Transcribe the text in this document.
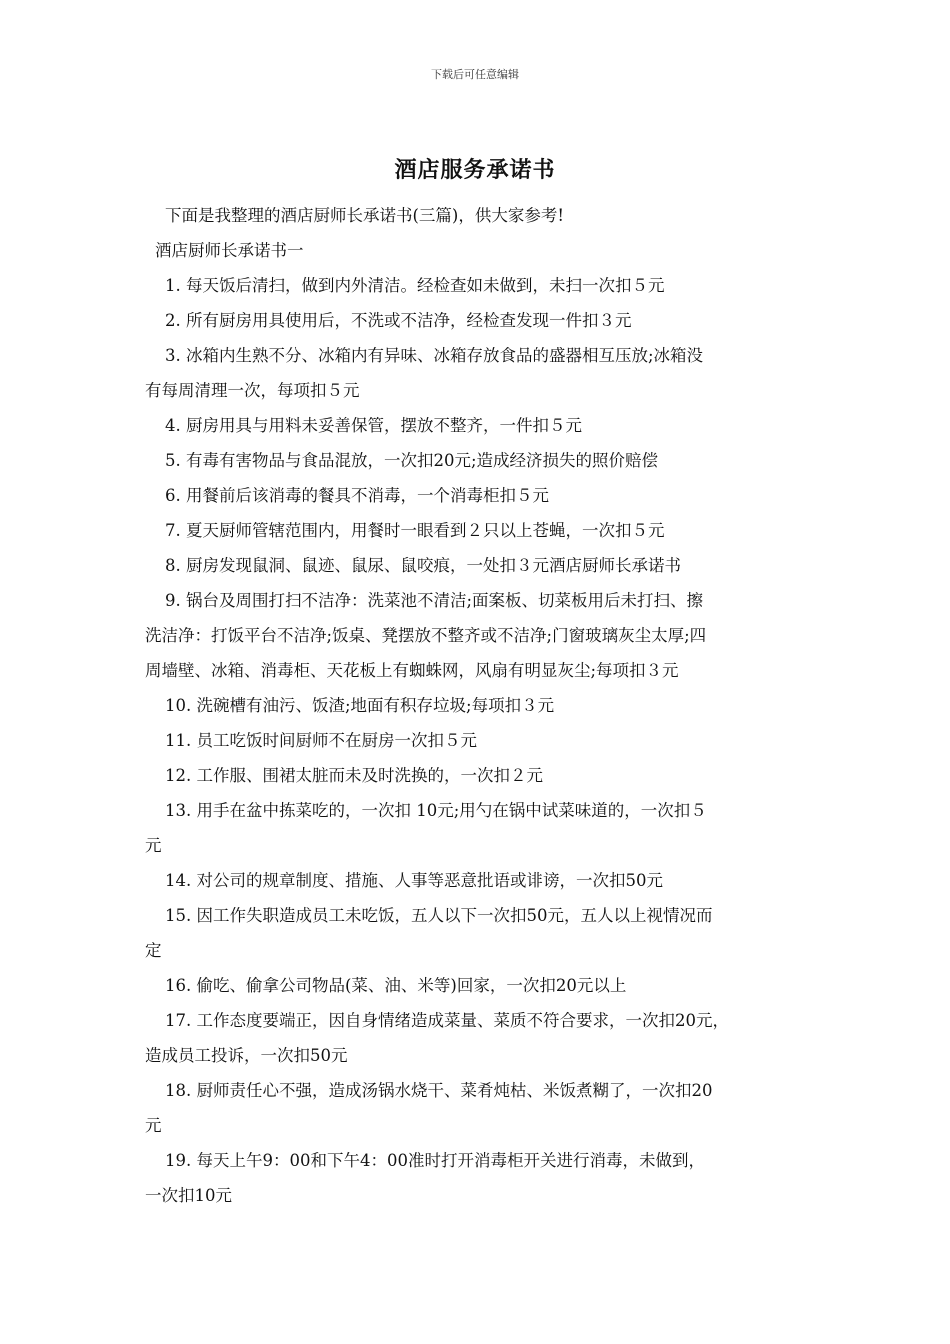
下载后可任意编辑
酒店服务承诺书

下面是我整理的酒店厨师长承诺书(三篇)，供大家参考!

酒店厨师长承诺书一

1. 每天饭后清扫，做到内外清洁。经检查如未做到，未扫一次扣５元

2. 所有厨房用具使用后，不洗或不洁净，经检查发现一件扣３元

3. 冰箱内生熟不分、冰箱内有异味、冰箱存放食品的盛器相互压放;冰箱没

有每周清理一次，每项扣５元

4. 厨房用具与用料未妥善保管，摆放不整齐，一件扣５元

5. 有毒有害物品与食品混放，一次扣20元;造成经济损失的照价赔偿

6. 用餐前后该消毒的餐具不消毒，一个消毒柜扣５元

7. 夏天厨师管辖范围内，用餐时一眼看到２只以上苍蝇，一次扣５元

8. 厨房发现鼠洞、鼠迹、鼠尿、鼠咬痕，一处扣３元酒店厨师长承诺书

9. 锅台及周围打扫不洁净：洗菜池不清洁;面案板、切菜板用后未打扫、擦

洗洁净：打饭平台不洁净;饭桌、凳摆放不整齐或不洁净;门窗玻璃灰尘太厚;四

周墙壁、冰箱、消毒柜、天花板上有蜘蛛网，风扇有明显灰尘;每项扣３元

10. 洗碗槽有油污、饭渣;地面有积存垃圾;每项扣３元

11. 员工吃饭时间厨师不在厨房一次扣５元

12. 工作服、围裙太脏而未及时洗换的，一次扣２元

13. 用手在盆中拣菜吃的，一次扣 10元;用勺在锅中试菜味道的，一次扣５

元

14. 对公司的规章制度、措施、人事等恶意批语或诽谤，一次扣50元

15. 因工作失职造成员工未吃饭，五人以下一次扣50元，五人以上视情况而

定

16. 偷吃、偷拿公司物品(菜、油、米等)回家，一次扣20元以上

17. 工作态度要端正，因自身情绪造成菜量、菜质不符合要求，一次扣20元，

造成员工投诉，一次扣50元

18. 厨师责任心不强，造成汤锅水烧干、菜肴炖枯、米饭煮糊了，一次扣20

元

19. 每天上午9：00和下午4：00准时打开消毒柜开关进行消毒，未做到，

一次扣10元
